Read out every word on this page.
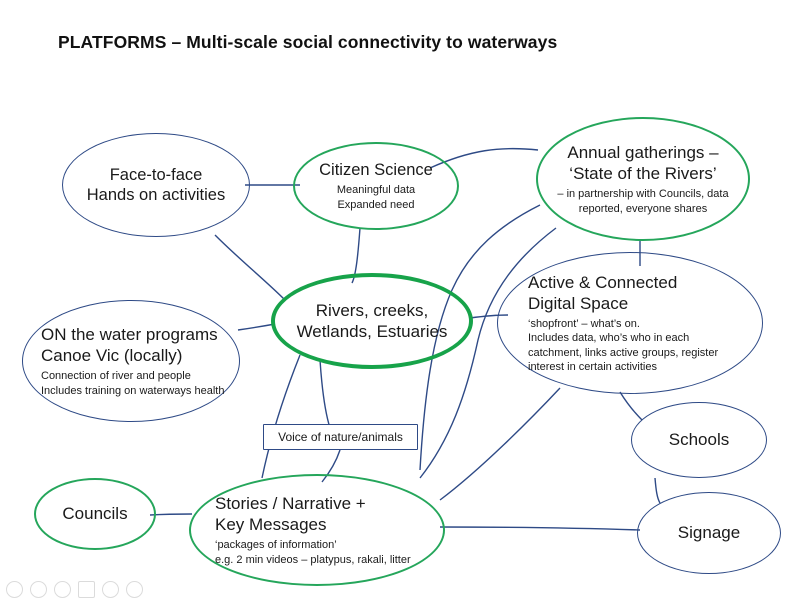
PLATFORMS – Multi-scale social connectivity to waterways
Face-to-face
Hands on activities
Citizen Science
Meaningful data
Expanded need
Annual gatherings –
‘State of the Rivers’
– in partnership with Councils, data
reported, everyone shares
Active & Connected
Digital Space
‘shopfront’ – what’s on.
Includes data, who’s who in each
catchment, links active groups, register
interest in certain activities
ON the water programs
Canoe Vic (locally)
Connection of river and people
Includes training on waterways health
Rivers, creeks,
Wetlands, Estuaries
Voice of nature/animals	Schools
Councils
Stories / Narrative +
Key Messages
‘packages of information’
e.g. 2 min videos – platypus, rakali, litter
Signage
